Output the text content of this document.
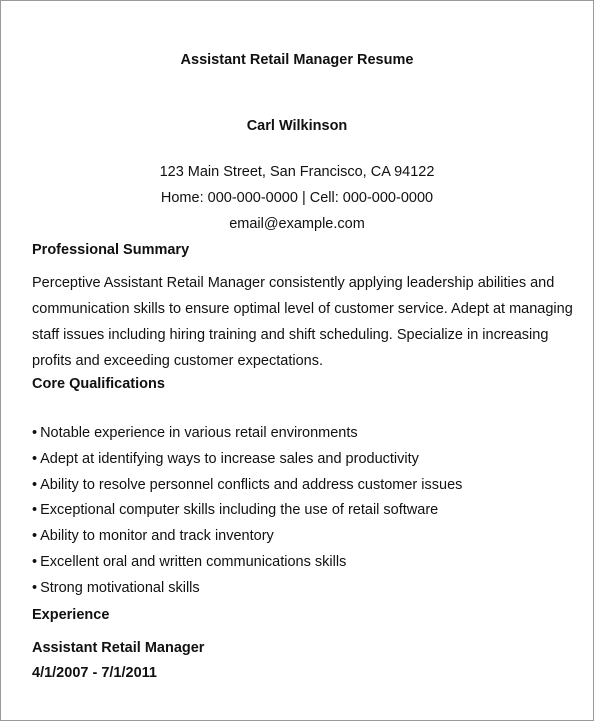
Assistant Retail Manager Resume
Carl Wilkinson
123 Main Street, San Francisco, CA 94122
Home: 000-000-0000 | Cell: 000-000-0000
email@example.com
Professional Summary

Perceptive Assistant Retail Manager consistently applying leadership abilities and communication skills to ensure optimal level of customer service. Adept at managing staff issues including hiring training and shift scheduling. Specialize in increasing profits and exceeding customer expectations.

Core Qualifications
• Notable experience in various retail environments
• Adept at identifying ways to increase sales and productivity
• Ability to resolve personnel conflicts and address customer issues
• Exceptional computer skills including the use of retail software
• Ability to monitor and track inventory
• Excellent oral and written communications skills
• Strong motivational skills
Experience
Assistant Retail Manager
4/1/2007 - 7/1/2011
